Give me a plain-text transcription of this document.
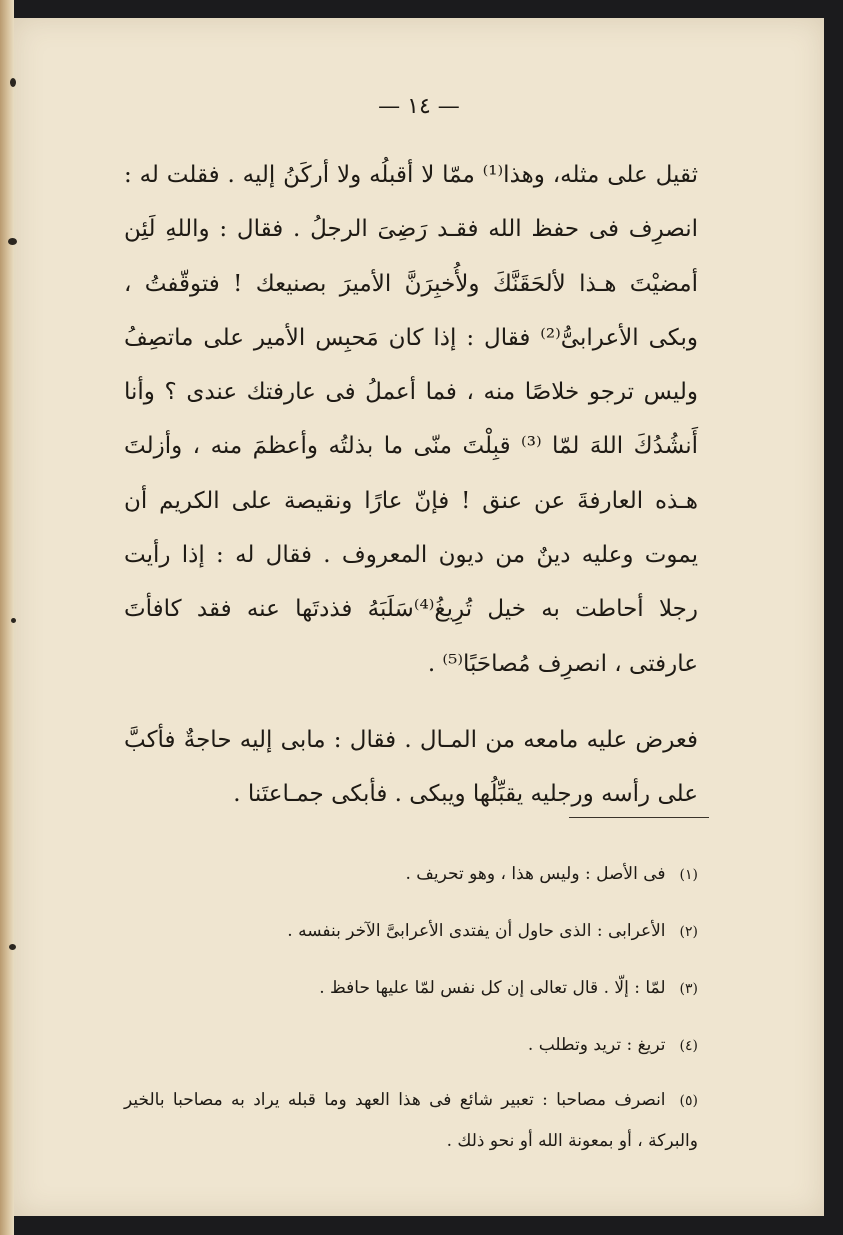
— ١٤ —

ثقيل على مثله، وهذا⁽¹⁾ ممّا لا أقبلُه ولا أركَنُ إليه . فقلت له : انصرِف فى حفظ الله فقـد رَضِىَ الرجلُ . فقال : واللهِ لَئِن أمضيْتَ هـذا لألحَقَنَّكَ ولأُخبِرَنَّ الأميرَ بصنيعك ! فتوقّفتُ ، وبكى الأعرابىُّ⁽²⁾ فقال : إذا كان مَحبِس الأمير على ماتصِفُ وليس ترجو خلاصًا منه ، فما أعملُ فى عارفتك عندى ؟ وأنا أَنشُدُكَ اللهَ لمّا ⁽³⁾ قبِلْتَ منّى ما بذلتُه وأعظمَ منه ، وأزلتَ هـذه العارفةَ عن عنق ! فإنّ عارًا ونقيصة على الكريم أن يموت وعليه دينٌ من ديون المعروف . فقال له : إذا رأيت رجلا أحاطت به خيل تُرِيغُ⁽⁴⁾سَلَبَهُ فذدتَها عنه فقد كافأتَ عارفتى ، انصرِف مُصاحَبًا⁽⁵⁾ .

فعرض عليه مامعه من المـال . فقال : مابى إليه حاجةٌ فأكبَّ على رأسه ورجليه يقبِّلُها ويبكى . فأبكى جمـاعتَنا .

(١)فى الأصل : وليس هذا ، وهو تحريف .

(٢)الأعرابى : الذى حاول أن يفتدى الأعرابىَّ الآخر بنفسه .

(٣)لمّا : إلّا . قال تعالى إن كل نفس لمّا عليها حافظ .

(٤)تريغ : تريد وتطلب .

(٥)انصرف مصاحبا : تعبير شائع فى هذا العهد وما قبله يراد به مصاحبا بالخير والبركة ، أو بمعونة الله أو نحو ذلك .
